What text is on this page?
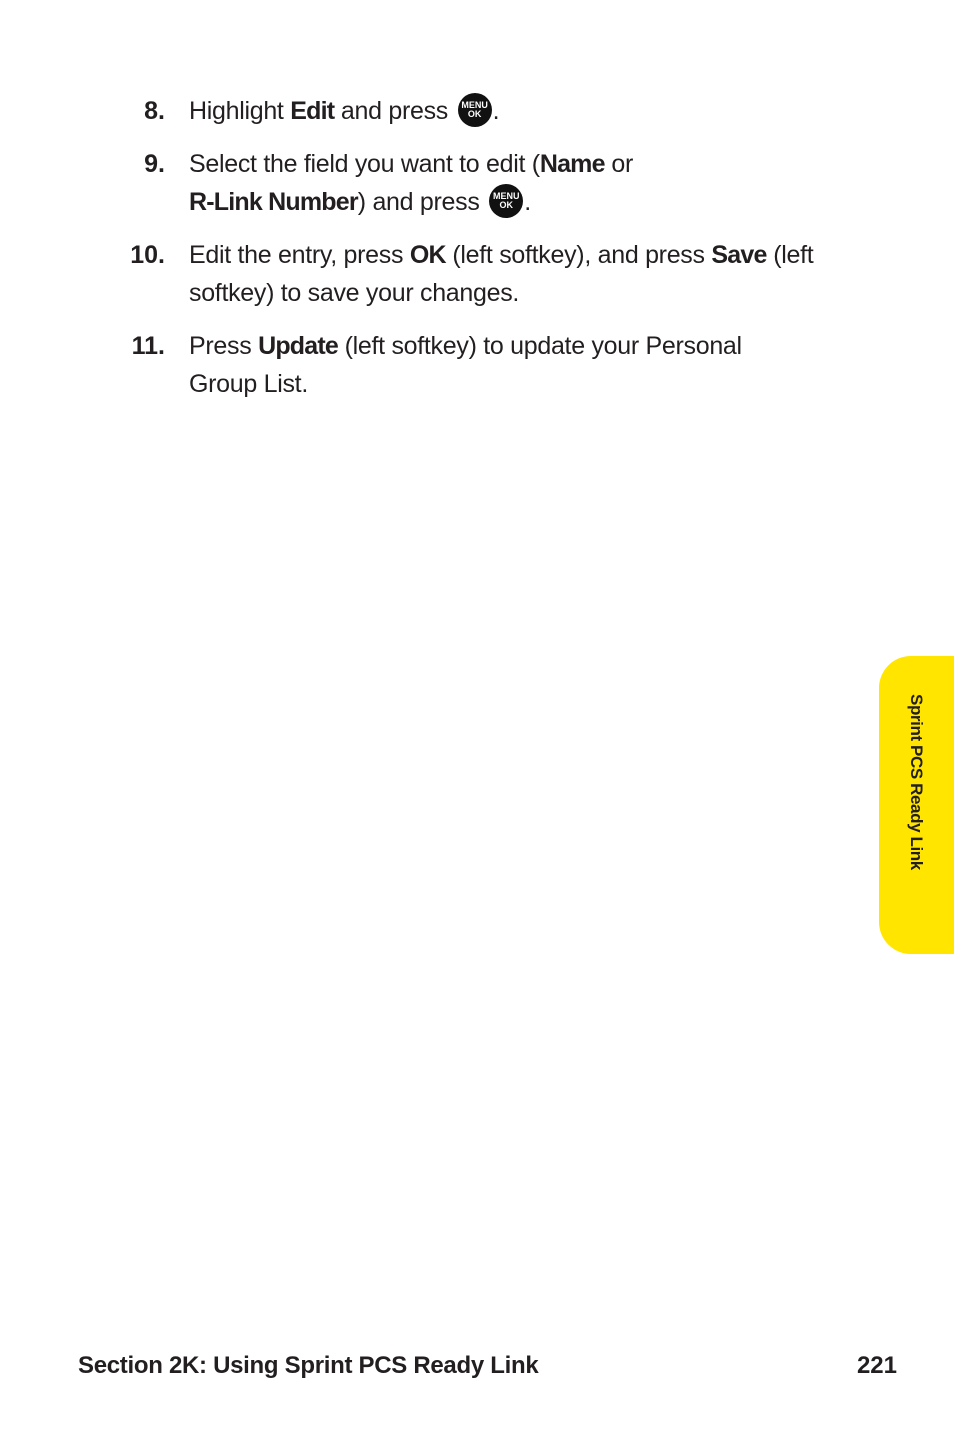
8. Highlight Edit and press MENU
OK .
9. Select the field you want to edit (Name or
R-Link Number) and press MENU
OK .
10. Edit the entry, press OK (left softkey), and press Save (left softkey) to save your changes.
11. Press Update (left softkey) to update your Personal Group List.
Sprint PCS Ready Link
Section 2K: Using Sprint PCS Ready Link	221
